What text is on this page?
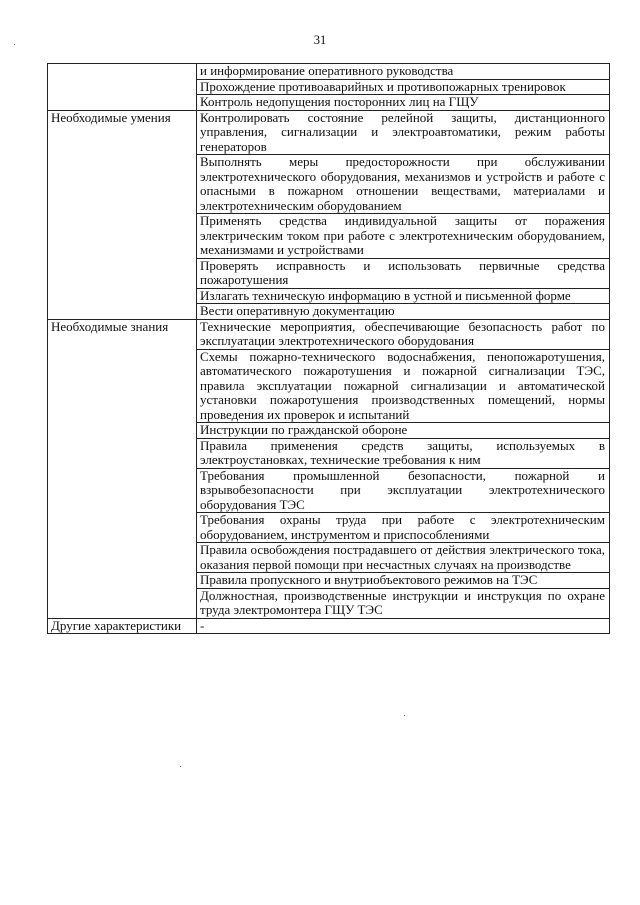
31
	и информирование оперативного руководства
	Прохождение противоаварийных и противопожарных тренировок
	Контроль недопущения посторонних лиц на ГЩУ
Необходимые умения	Контролировать состояние релейной защиты, дистанционного управления, сигнализации и электроавтоматики, режим работы генераторов
	Выполнять меры предосторожности при обслуживании электротехнического оборудования, механизмов и устройств и работе с опасными в пожарном отношении веществами, материалами и электротехническим оборудованием
	Применять средства индивидуальной защиты от поражения электрическим током при работе с электротехническим оборудованием, механизмами и устройствами
	Проверять исправность и использовать первичные средства пожаротушения
	Излагать техническую информацию в устной и письменной форме
	Вести оперативную документацию
Необходимые знания	Технические мероприятия, обеспечивающие безопасность работ по эксплуатации электротехнического оборудования
	Схемы пожарно-технического водоснабжения, пенопожаротушения, автоматического пожаротушения и пожарной сигнализации ТЭС, правила эксплуатации пожарной сигнализации и автоматической установки пожаротушения производственных помещений, нормы проведения их проверок и испытаний
	Инструкции по гражданской обороне
	Правила применения средств защиты, используемых в электроустановках, технические требования к ним
	Требования промышленной безопасности, пожарной и взрывобезопасности при эксплуатации электротехнического оборудования ТЭС
	Требования охраны труда при работе с электротехническим оборудованием, инструментом и приспособлениями
	Правила освобождения пострадавшего от действия электрического тока, оказания первой помощи при несчастных случаях на производстве
	Правила пропускного и внутриобъектового режимов на ТЭС
	Должностная, производственные инструкции и инструкция по охране труда электромонтера ГЩУ ТЭС
Другие характеристики	-
